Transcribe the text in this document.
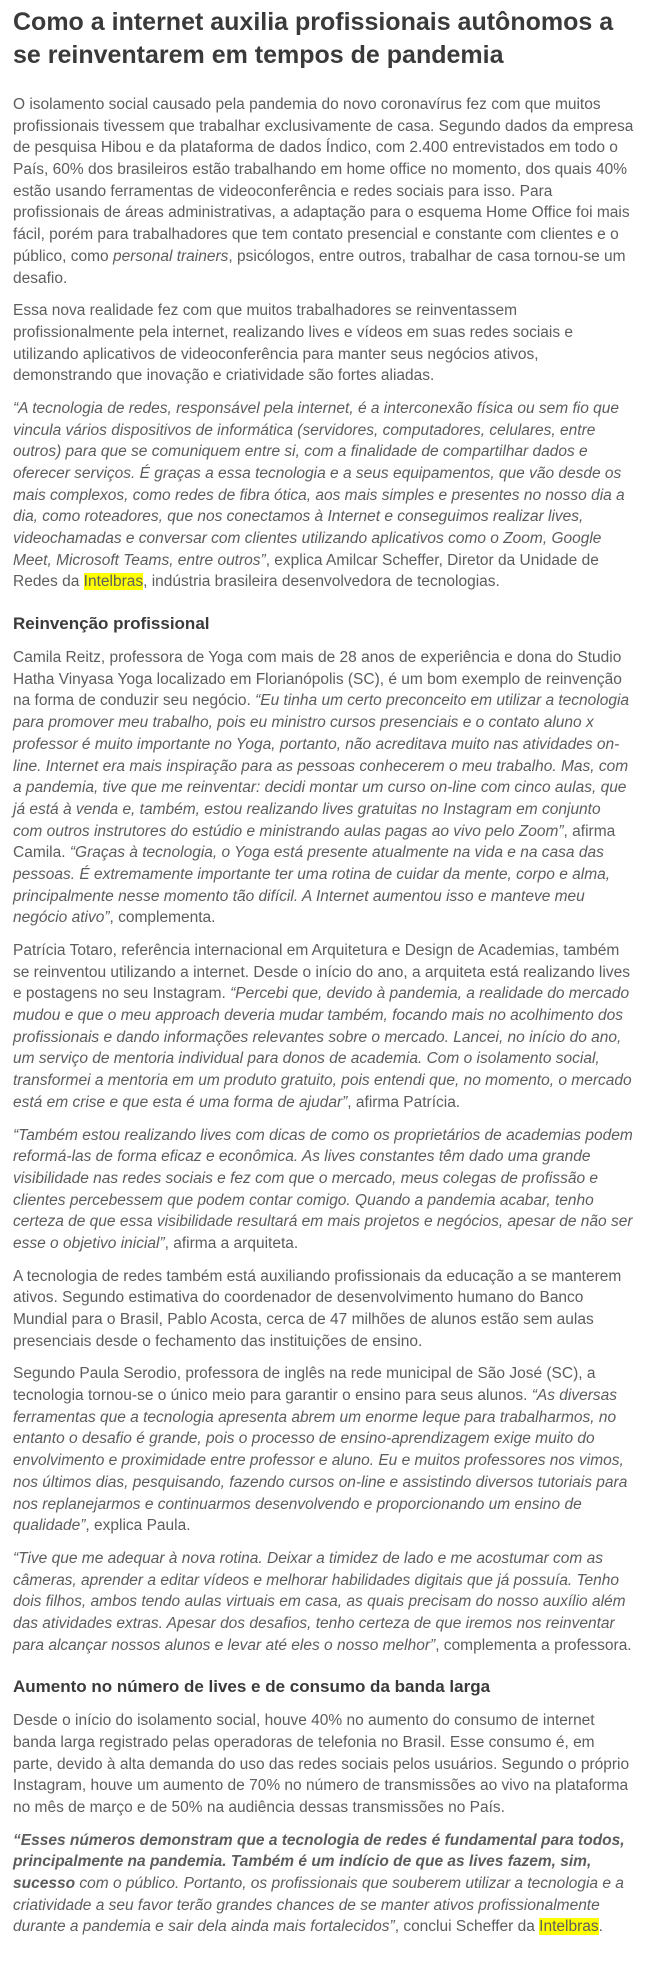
Como a internet auxilia profissionais autônomos a se reinventarem em tempos de pandemia

O isolamento social causado pela pandemia do novo coronavírus fez com que muitos profissionais tivessem que trabalhar exclusivamente de casa. Segundo dados da empresa de pesquisa Hibou e da plataforma de dados Índico, com 2.400 entrevistados em todo o País, 60% dos brasileiros estão trabalhando em home office no momento, dos quais 40% estão usando ferramentas de videoconferência e redes sociais para isso. Para profissionais de áreas administrativas, a adaptação para o esquema Home Office foi mais fácil, porém para trabalhadores que tem contato presencial e constante com clientes e o público, como personal trainers, psicólogos, entre outros, trabalhar de casa tornou-se um desafio.

Essa nova realidade fez com que muitos trabalhadores se reinventassem profissionalmente pela internet, realizando lives e vídeos em suas redes sociais e utilizando aplicativos de videoconferência para manter seus negócios ativos, demonstrando que inovação e criatividade são fortes aliadas.

“A tecnologia de redes, responsável pela internet, é a interconexão física ou sem fio que vincula vários dispositivos de informática (servidores, computadores, celulares, entre outros) para que se comuniquem entre si, com a finalidade de compartilhar dados e oferecer serviços. É graças a essa tecnologia e a seus equipamentos, que vão desde os mais complexos, como redes de fibra ótica, aos mais simples e presentes no nosso dia a dia, como roteadores, que nos conectamos à Internet e conseguimos realizar lives, videochamadas e conversar com clientes utilizando aplicativos como o Zoom, Google Meet, Microsoft Teams, entre outros”, explica Amilcar Scheffer, Diretor da Unidade de Redes da Intelbras, indústria brasileira desenvolvedora de tecnologias.

Reinvenção profissional

Camila Reitz, professora de Yoga com mais de 28 anos de experiência e dona do Studio Hatha Vinyasa Yoga localizado em Florianópolis (SC), é um bom exemplo de reinvenção na forma de conduzir seu negócio. “Eu tinha um certo preconceito em utilizar a tecnologia para promover meu trabalho, pois eu ministro cursos presenciais e o contato aluno x professor é muito importante no Yoga, portanto, não acreditava muito nas atividades on-line. Internet era mais inspiração para as pessoas conhecerem o meu trabalho. Mas, com a pandemia, tive que me reinventar: decidi montar um curso on-line com cinco aulas, que já está à venda e, também, estou realizando lives gratuitas no Instagram em conjunto com outros instrutores do estúdio e ministrando aulas pagas ao vivo pelo Zoom”, afirma Camila. “Graças à tecnologia, o Yoga está presente atualmente na vida e na casa das pessoas. É extremamente importante ter uma rotina de cuidar da mente, corpo e alma, principalmente nesse momento tão difícil. A Internet aumentou isso e manteve meu negócio ativo”, complementa.

Patrícia Totaro, referência internacional em Arquitetura e Design de Academias, também se reinventou utilizando a internet. Desde o início do ano, a arquiteta está realizando lives e postagens no seu Instagram. “Percebi que, devido à pandemia, a realidade do mercado mudou e que o meu approach deveria mudar também, focando mais no acolhimento dos profissionais e dando informações relevantes sobre o mercado. Lancei, no início do ano, um serviço de mentoria individual para donos de academia. Com o isolamento social, transformei a mentoria em um produto gratuito, pois entendi que, no momento, o mercado está em crise e que esta é uma forma de ajudar”, afirma Patrícia.

“Também estou realizando lives com dicas de como os proprietários de academias podem reformá-las de forma eficaz e econômica. As lives constantes têm dado uma grande visibilidade nas redes sociais e fez com que o mercado, meus colegas de profissão e clientes percebessem que podem contar comigo. Quando a pandemia acabar, tenho certeza de que essa visibilidade resultará em mais projetos e negócios, apesar de não ser esse o objetivo inicial”, afirma a arquiteta.

A tecnologia de redes também está auxiliando profissionais da educação a se manterem ativos. Segundo estimativa do coordenador de desenvolvimento humano do Banco Mundial para o Brasil, Pablo Acosta, cerca de 47 milhões de alunos estão sem aulas presenciais desde o fechamento das instituições de ensino.

Segundo Paula Serodio, professora de inglês na rede municipal de São José (SC), a tecnologia tornou-se o único meio para garantir o ensino para seus alunos. “As diversas ferramentas que a tecnologia apresenta abrem um enorme leque para trabalharmos, no entanto o desafio é grande, pois o processo de ensino-aprendizagem exige muito do envolvimento e proximidade entre professor e aluno. Eu e muitos professores nos vimos, nos últimos dias, pesquisando, fazendo cursos on-line e assistindo diversos tutoriais para nos replanejarmos e continuarmos desenvolvendo e proporcionando um ensino de qualidade”, explica Paula.

“Tive que me adequar à nova rotina. Deixar a timidez de lado e me acostumar com as câmeras, aprender a editar vídeos e melhorar habilidades digitais que já possuía. Tenho dois filhos, ambos tendo aulas virtuais em casa, as quais precisam do nosso auxílio além das atividades extras. Apesar dos desafios, tenho certeza de que iremos nos reinventar para alcançar nossos alunos e levar até eles o nosso melhor”, complementa a professora.

Aumento no número de lives e de consumo da banda larga

Desde o início do isolamento social, houve 40% no aumento do consumo de internet banda larga registrado pelas operadoras de telefonia no Brasil. Esse consumo é, em parte, devido à alta demanda do uso das redes sociais pelos usuários. Segundo o próprio Instagram, houve um aumento de 70% no número de transmissões ao vivo na plataforma no mês de março e de 50% na audiência dessas transmissões no País.

“Esses números demonstram que a tecnologia de redes é fundamental para todos, principalmente na pandemia. Também é um indício de que as lives fazem, sim, sucesso com o público. Portanto, os profissionais que souberem utilizar a tecnologia e a criatividade a seu favor terão grandes chances de se manter ativos profissionalmente durante a pandemia e sair dela ainda mais fortalecidos”, conclui Scheffer da Intelbras.
